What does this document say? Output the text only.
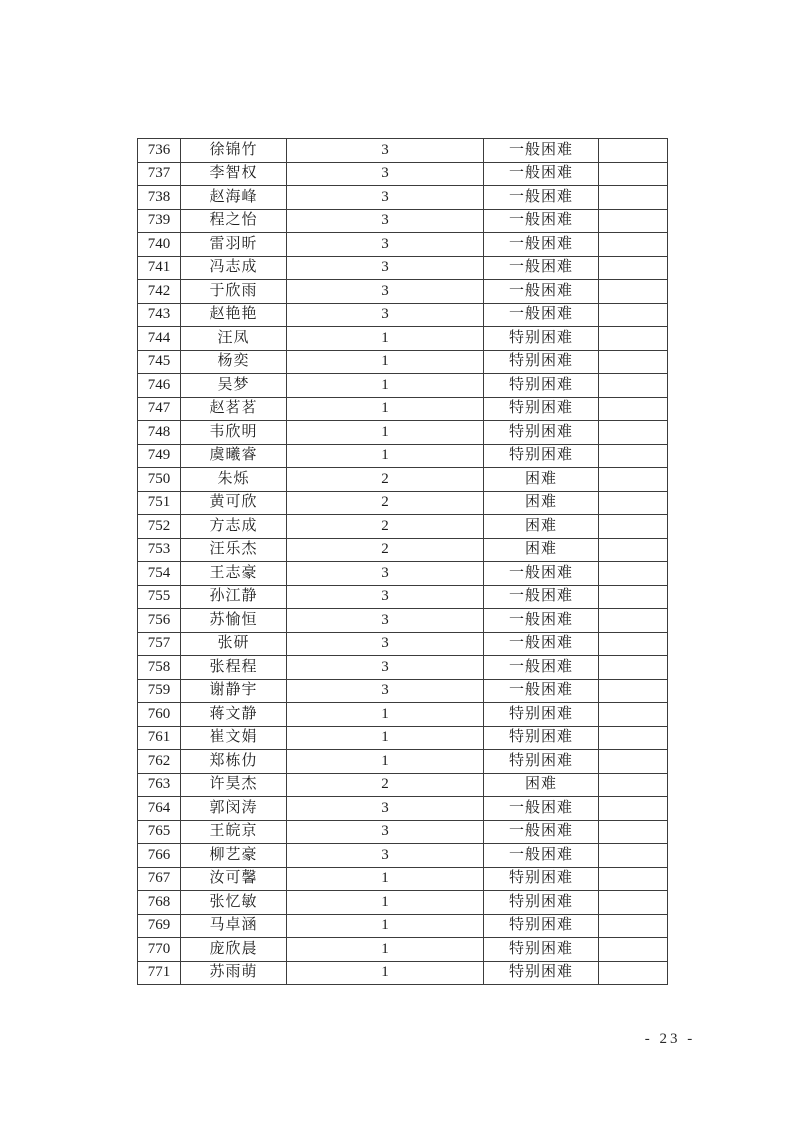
736	徐锦竹	3	一般困难	
737	李智权	3	一般困难	
738	赵海峰	3	一般困难	
739	程之怡	3	一般困难	
740	雷羽昕	3	一般困难	
741	冯志成	3	一般困难	
742	于欣雨	3	一般困难	
743	赵艳艳	3	一般困难	
744	汪凤	1	特别困难	
745	杨奕	1	特别困难	
746	吴梦	1	特别困难	
747	赵茗茗	1	特别困难	
748	韦欣明	1	特别困难	
749	虞曦睿	1	特别困难	
750	朱烁	2	困难	
751	黄可欣	2	困难	
752	方志成	2	困难	
753	汪乐杰	2	困难	
754	王志豪	3	一般困难	
755	孙江静	3	一般困难	
756	苏愉恒	3	一般困难	
757	张研	3	一般困难	
758	张程程	3	一般困难	
759	谢静宇	3	一般困难	
760	蒋文静	1	特别困难	
761	崔文娟	1	特别困难	
762	郑栋仂	1	特别困难	
763	许昊杰	2	困难	
764	郭闵涛	3	一般困难	
765	王皖京	3	一般困难	
766	柳艺豪	3	一般困难	
767	汝可馨	1	特别困难	
768	张忆敏	1	特别困难	
769	马卓涵	1	特别困难	
770	庞欣晨	1	特别困难	
771	苏雨萌	1	特别困难	
- 23 -
